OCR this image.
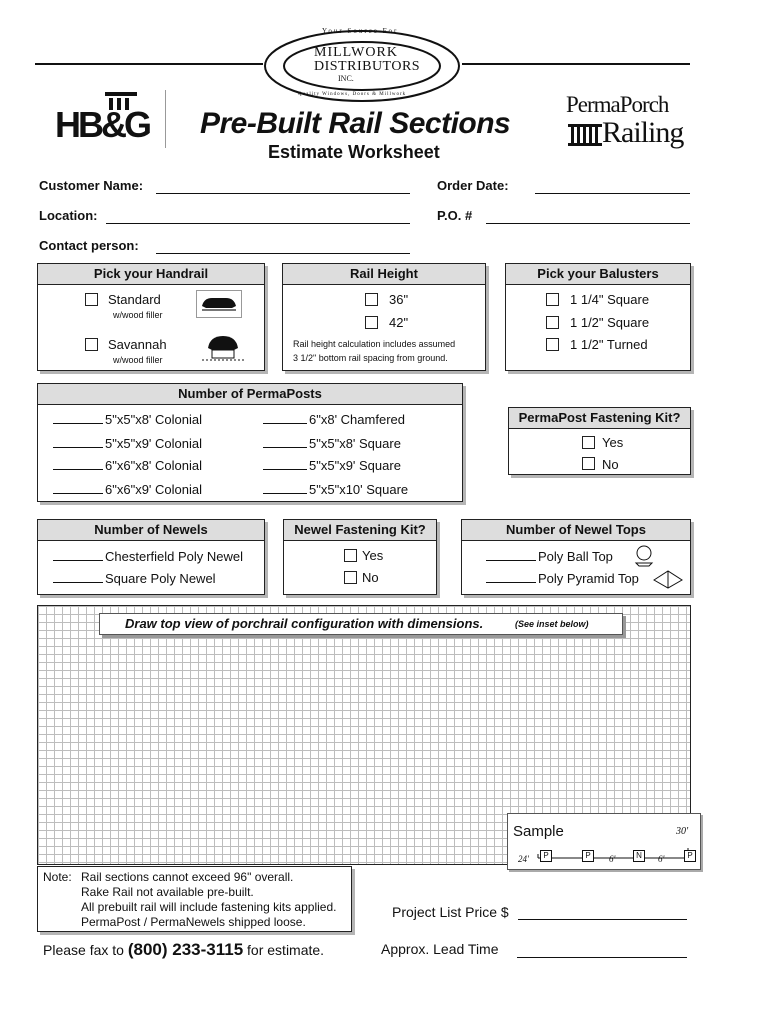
Your Source For
MILLWORK
DISTRIBUTORS
INC.
Quality Windows, Doors & Millwork
HB&G	PermaPorch
Railing
Pre-Built Rail Sections
Estimate Worksheet
Customer Name:	Order Date:
Location:	P.O. #
Contact person:
Pick your Handrail
Standard
w/wood filler
Savannah
w/wood filler
Rail Height
36"
42"
Rail height calculation includes assumed
3 1/2" bottom rail spacing from ground.
Pick your Balusters
1 1/4" Square
1 1/2" Square
1 1/2" Turned
Number of PermaPosts
5"x5"x8' Colonial
5"x5"x9' Colonial
6"x6"x8' Colonial
6"x6"x9' Colonial
6"x8' Chamfered
5"x5"x8' Square
5"x5"x9' Square
5"x5"x10' Square
PermaPost Fastening Kit?
Yes
No
Number of Newels
Chesterfield Poly Newel
Square Poly Newel
Newel Fastening Kit?
Yes
No
Number of Newel Tops
Poly Ball Top
Poly Pyramid Top
Draw top view of porchrail configuration with dimensions.	(See inset below)
Sample	30'
24'	P	P	6'	N	6'	P
Note: Rail sections cannot exceed 96" overall.
Rake Rail not available pre-built.
All prebuilt rail will include fastening kits applied.
PermaPost / PermaNewels shipped loose.
Please fax to (800) 233-3115 for estimate.
Project List Price $
Approx. Lead Time
